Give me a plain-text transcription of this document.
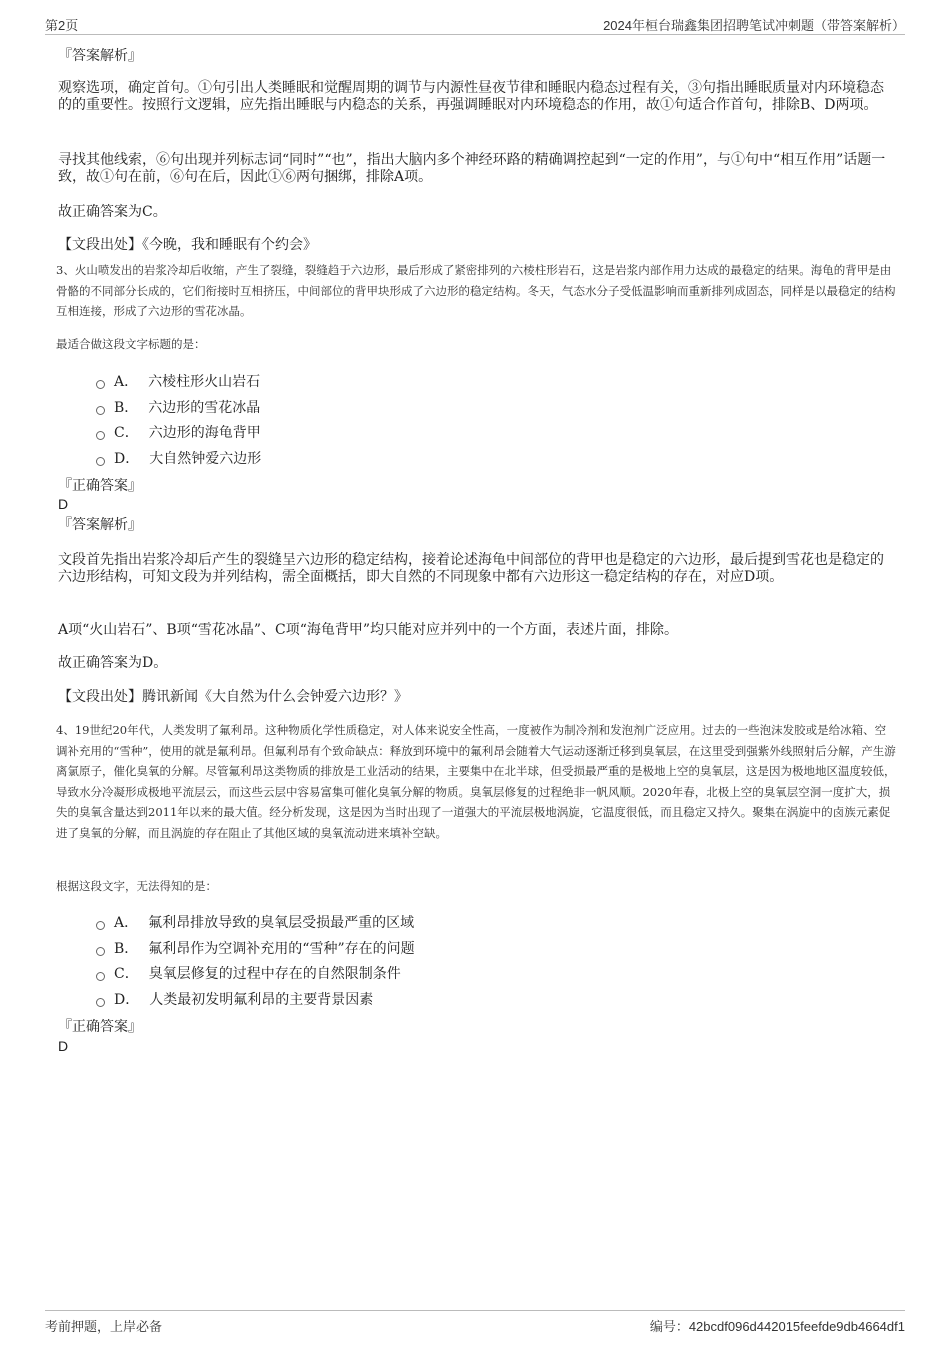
第2页	2024年桓台瑞鑫集团招聘笔试冲刺题（带答案解析）
『答案解析』
观察选项，确定首句。①句引出人类睡眠和觉醒周期的调节与内源性昼夜节律和睡眠内稳态过程有关，③句指出睡眠质量对内环境稳态的的重要性。按照行文逻辑，应先指出睡眠与内稳态的关系，再强调睡眠对内环境稳态的作用，故①句适合作首句，排除B、D两项。
寻找其他线索，⑥句出现并列标志词“同时”“也”，指出大脑内多个神经环路的精确调控起到“一定的作用”，与①句中“相互作用”话题一致，故①句在前，⑥句在后，因此①⑥两句捆绑，排除A项。
故正确答案为C。
【文段出处】《今晚，我和睡眠有个约会》
3、火山喷发出的岩浆冷却后收缩，产生了裂缝，裂缝趋于六边形，最后形成了紧密排列的六棱柱形岩石，这是岩浆内部作用力达成的最稳定的结果。海龟的背甲是由骨骼的不同部分长成的，它们衔接时互相挤压，中间部位的背甲块形成了六边形的稳定结构。冬天，气态水分子受低温影响而重新排列成固态，同样是以最稳定的结构互相连接，形成了六边形的雪花冰晶。
最适合做这段文字标题的是：
A． 六棱柱形火山岩石
B． 六边形的雪花冰晶
C． 六边形的海龟背甲
D． 大自然钟爱六边形
『正确答案』
D
『答案解析』
文段首先指出岩浆冷却后产生的裂缝呈六边形的稳定结构，接着论述海龟中间部位的背甲也是稳定的六边形，最后提到雪花也是稳定的六边形结构，可知文段为并列结构，需全面概括，即大自然的不同现象中都有六边形这一稳定结构的存在，对应D项。
A项“火山岩石”、B项“雪花冰晶”、C项“海龟背甲”均只能对应并列中的一个方面，表述片面，排除。
故正确答案为D。
【文段出处】腾讯新闻《大自然为什么会钟爱六边形？》
4、19世纪20年代，人类发明了氟利昂。这种物质化学性质稳定，对人体来说安全性高，一度被作为制冷剂和发泡剂广泛应用。过去的一些泡沫发胶或是给冰箱、空调补充用的“雪种”，使用的就是氟利昂。但氟利昂有个致命缺点：释放到环境中的氟利昂会随着大气运动逐渐迁移到臭氧层，在这里受到强紫外线照射后分解，产生游离氯原子，催化臭氧的分解。尽管氟利昂这类物质的排放是工业活动的结果，主要集中在北半球，但受损最严重的是极地上空的臭氧层，这是因为极地地区温度较低，导致水分冷凝形成极地平流层云，而这些云层中容易富集可催化臭氧分解的物质。臭氧层修复的过程绝非一帆风顺。2020年春，北极上空的臭氧层空洞一度扩大，损失的臭氧含量达到2011年以来的最大值。经分析发现，这是因为当时出现了一道强大的平流层极地涡旋，它温度很低，而且稳定又持久。聚集在涡旋中的卤族元素促进了臭氧的分解，而且涡旋的存在阻止了其他区域的臭氧流动进来填补空缺。
根据这段文字，无法得知的是：
A． 氟利昂排放导致的臭氧层受损最严重的区域
B． 氟利昂作为空调补充用的“雪种”存在的问题
C． 臭氧层修复的过程中存在的自然限制条件
D． 人类最初发明氟利昂的主要背景因素
『正确答案』
D
考前押题，上岸必备	编号：42bcdf096d442015feefde9db4664df1
